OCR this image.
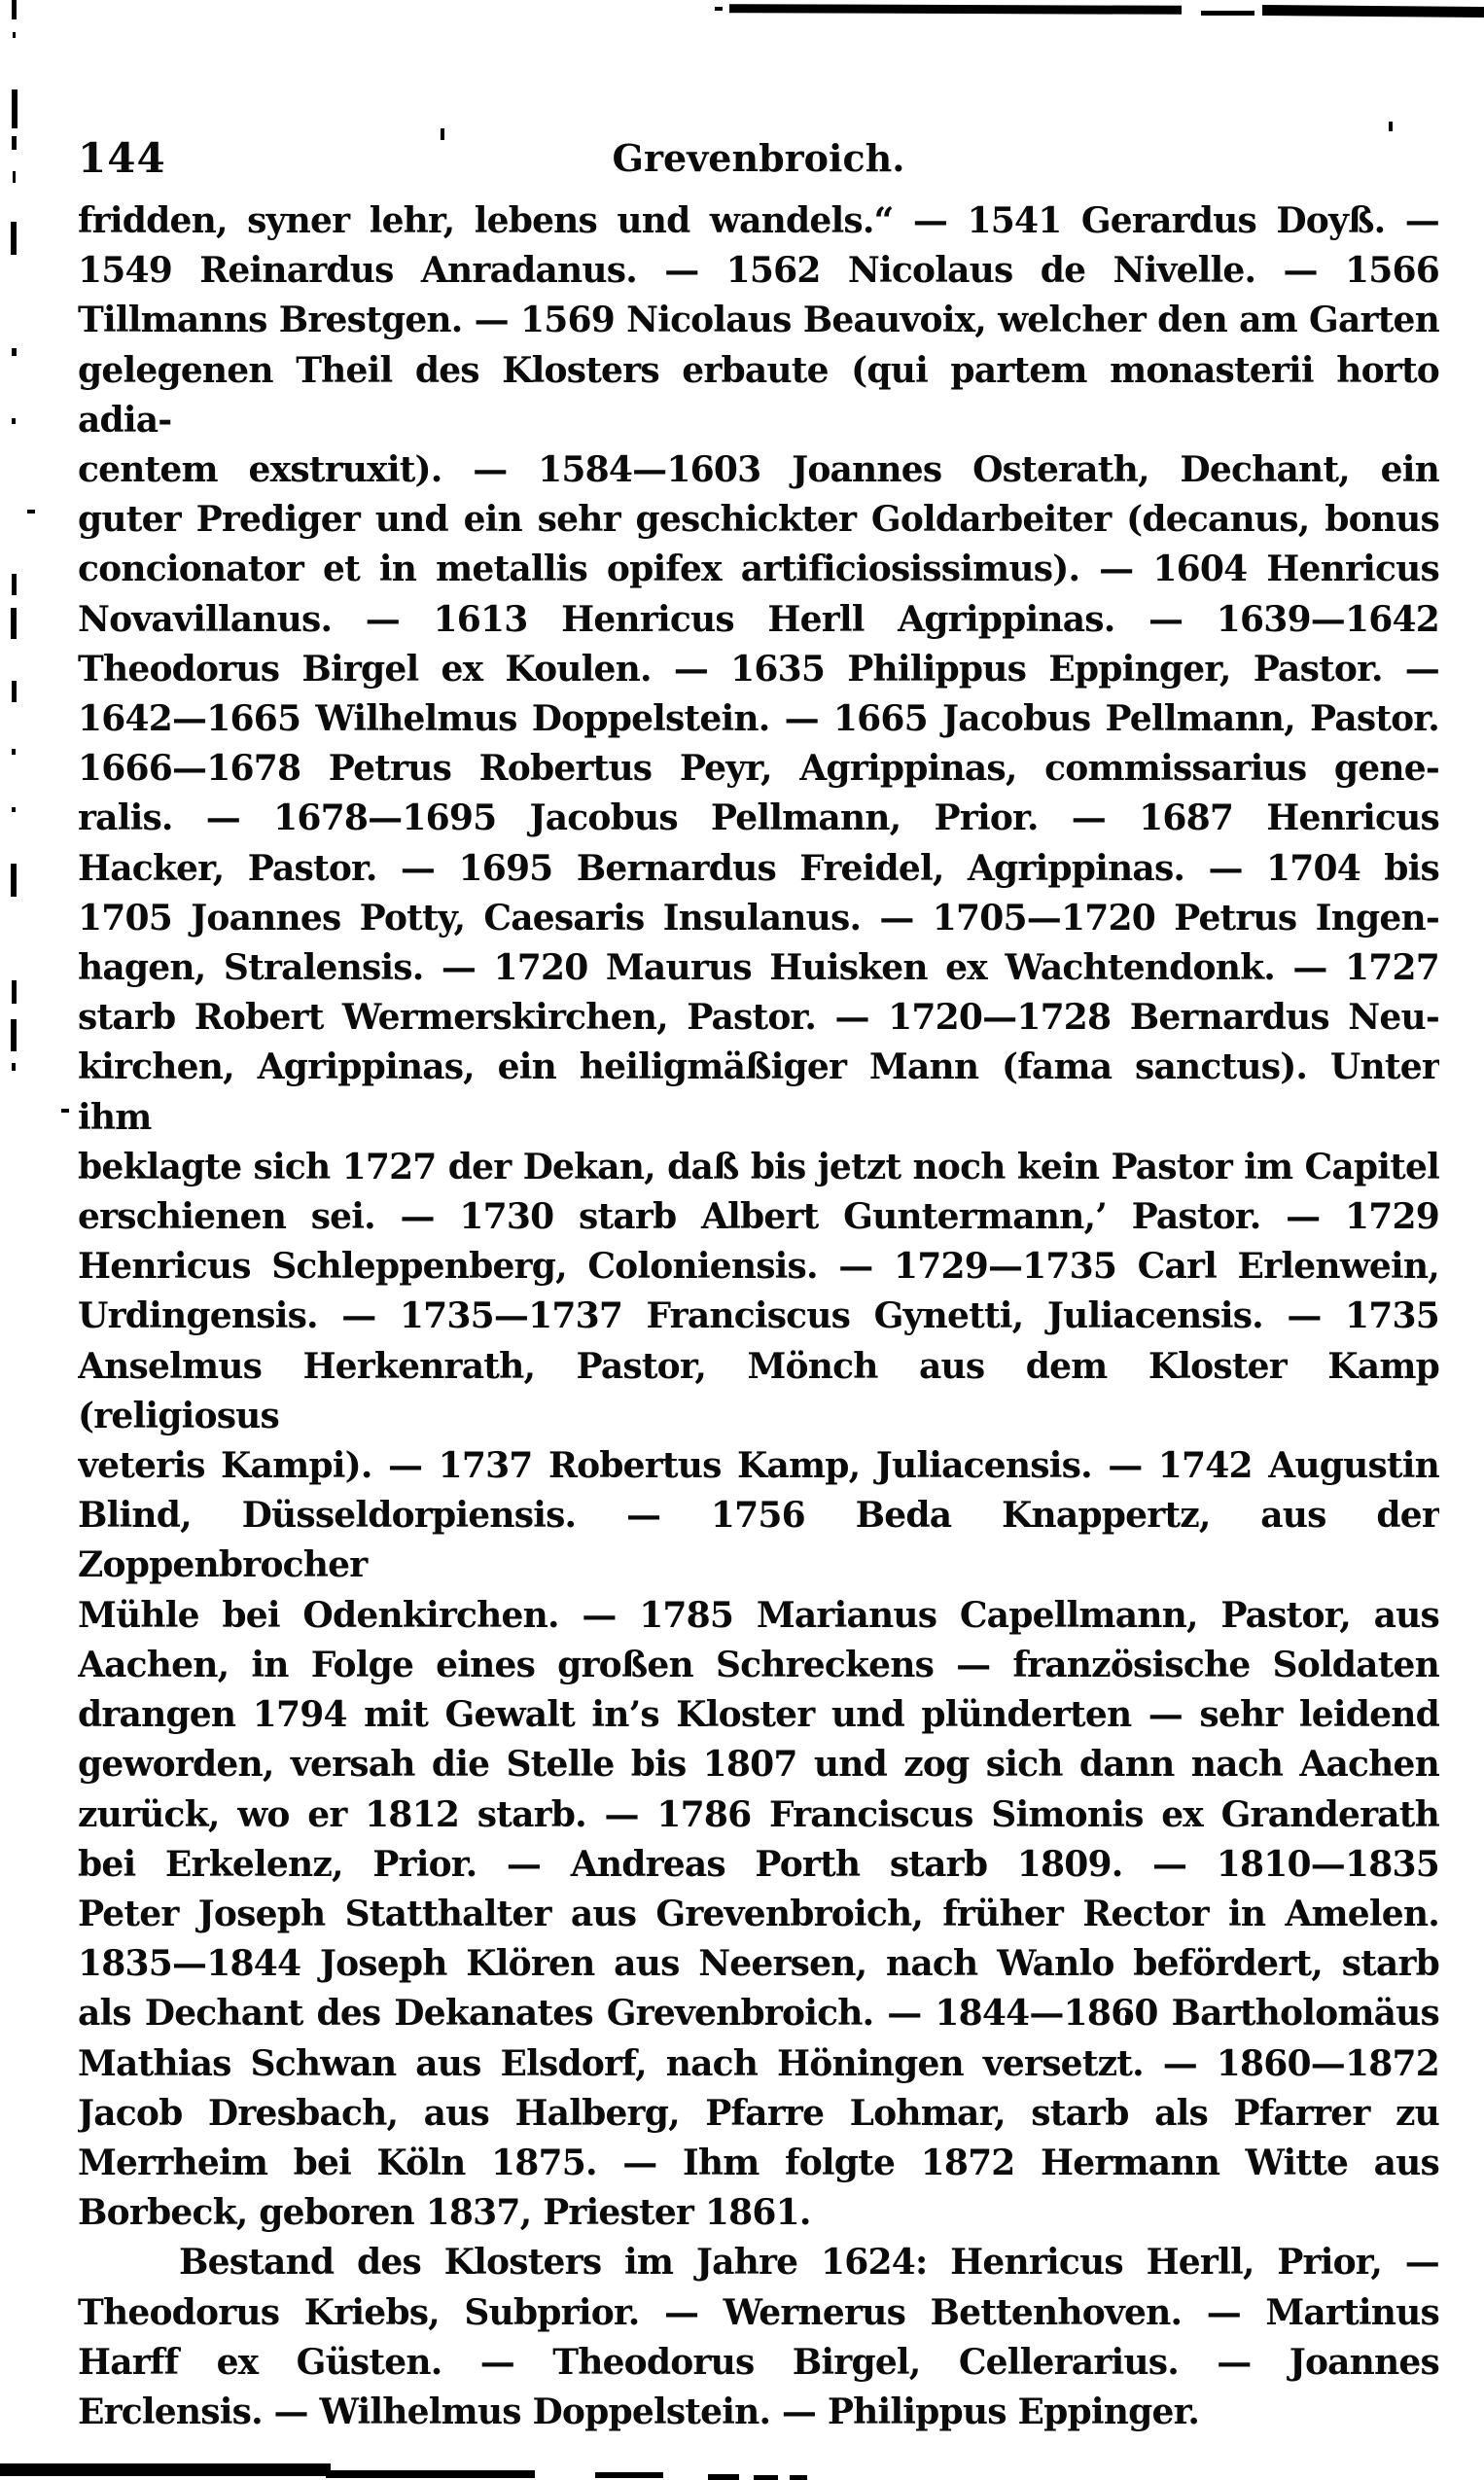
144	Grevenbroich.
fridden, syner lehr, lebens und wandels.“ — 1541 Gerardus Doyß. —
1549 Reinardus Anradanus. — 1562 Nicolaus de Nivelle. — 1566
Tillmanns Brestgen. — 1569 Nicolaus Beauvoix, welcher den am Garten
gelegenen Theil des Klosters erbaute (qui partem monasterii horto adia-
centem exstruxit). — 1584—1603 Joannes Osterath, Dechant, ein
guter Prediger und ein sehr geschickter Goldarbeiter (decanus, bonus
concionator et in metallis opifex artificiosissimus). — 1604 Henricus
Novavillanus. — 1613 Henricus Herll Agrippinas. — 1639—1642
Theodorus Birgel ex Koulen. — 1635 Philippus Eppinger, Pastor. —
1642—1665 Wilhelmus Doppelstein. — 1665 Jacobus Pellmann, Pastor.
1666—1678 Petrus Robertus Peyr, Agrippinas, commissarius gene-
ralis. — 1678—1695 Jacobus Pellmann, Prior. — 1687 Henricus
Hacker, Pastor. — 1695 Bernardus Freidel, Agrippinas. — 1704 bis
1705 Joannes Potty, Caesaris Insulanus. — 1705—1720 Petrus Ingen-
hagen, Stralensis. — 1720 Maurus Huisken ex Wachtendonk. — 1727
starb Robert Wermerskirchen, Pastor. — 1720—1728 Bernardus Neu-
kirchen, Agrippinas, ein heiligmäßiger Mann (fama sanctus). Unter ihm
beklagte sich 1727 der Dekan, daß bis jetzt noch kein Pastor im Capitel
erschienen sei. — 1730 starb Albert Guntermann,’ Pastor. — 1729
Henricus Schleppenberg, Coloniensis. — 1729—1735 Carl Erlenwein,
Urdingensis. — 1735—1737 Franciscus Gynetti, Juliacensis. — 1735
Anselmus Herkenrath, Pastor, Mönch aus dem Kloster Kamp (religiosus
veteris Kampi). — 1737 Robertus Kamp, Juliacensis. — 1742 Augustin
Blind, Düsseldorpiensis. — 1756 Beda Knappertz, aus der Zoppenbrocher
Mühle bei Odenkirchen. — 1785 Marianus Capellmann, Pastor, aus
Aachen, in Folge eines großen Schreckens — französische Soldaten
drangen 1794 mit Gewalt in’s Kloster und plünderten — sehr leidend
geworden, versah die Stelle bis 1807 und zog sich dann nach Aachen
zurück, wo er 1812 starb. — 1786 Franciscus Simonis ex Granderath
bei Erkelenz, Prior. — Andreas Porth starb 1809. — 1810—1835
Peter Joseph Statthalter aus Grevenbroich, früher Rector in Amelen.
1835—1844 Joseph Klören aus Neersen, nach Wanlo befördert, starb
als Dechant des Dekanates Grevenbroich. — 1844—1860 Bartholomäus
Mathias Schwan aus Elsdorf, nach Höningen versetzt. — 1860—1872
Jacob Dresbach, aus Halberg, Pfarre Lohmar, starb als Pfarrer zu
Merrheim bei Köln 1875. — Ihm folgte 1872 Hermann Witte aus
Borbeck, geboren 1837, Priester 1861.
Bestand des Klosters im Jahre 1624: Henricus Herll, Prior, —
Theodorus Kriebs, Subprior. — Wernerus Bettenhoven. — Martinus
Harff ex Güsten. — Theodorus Birgel, Cellerarius. — Joannes
Erclensis. — Wilhelmus Doppelstein. — Philippus Eppinger.
